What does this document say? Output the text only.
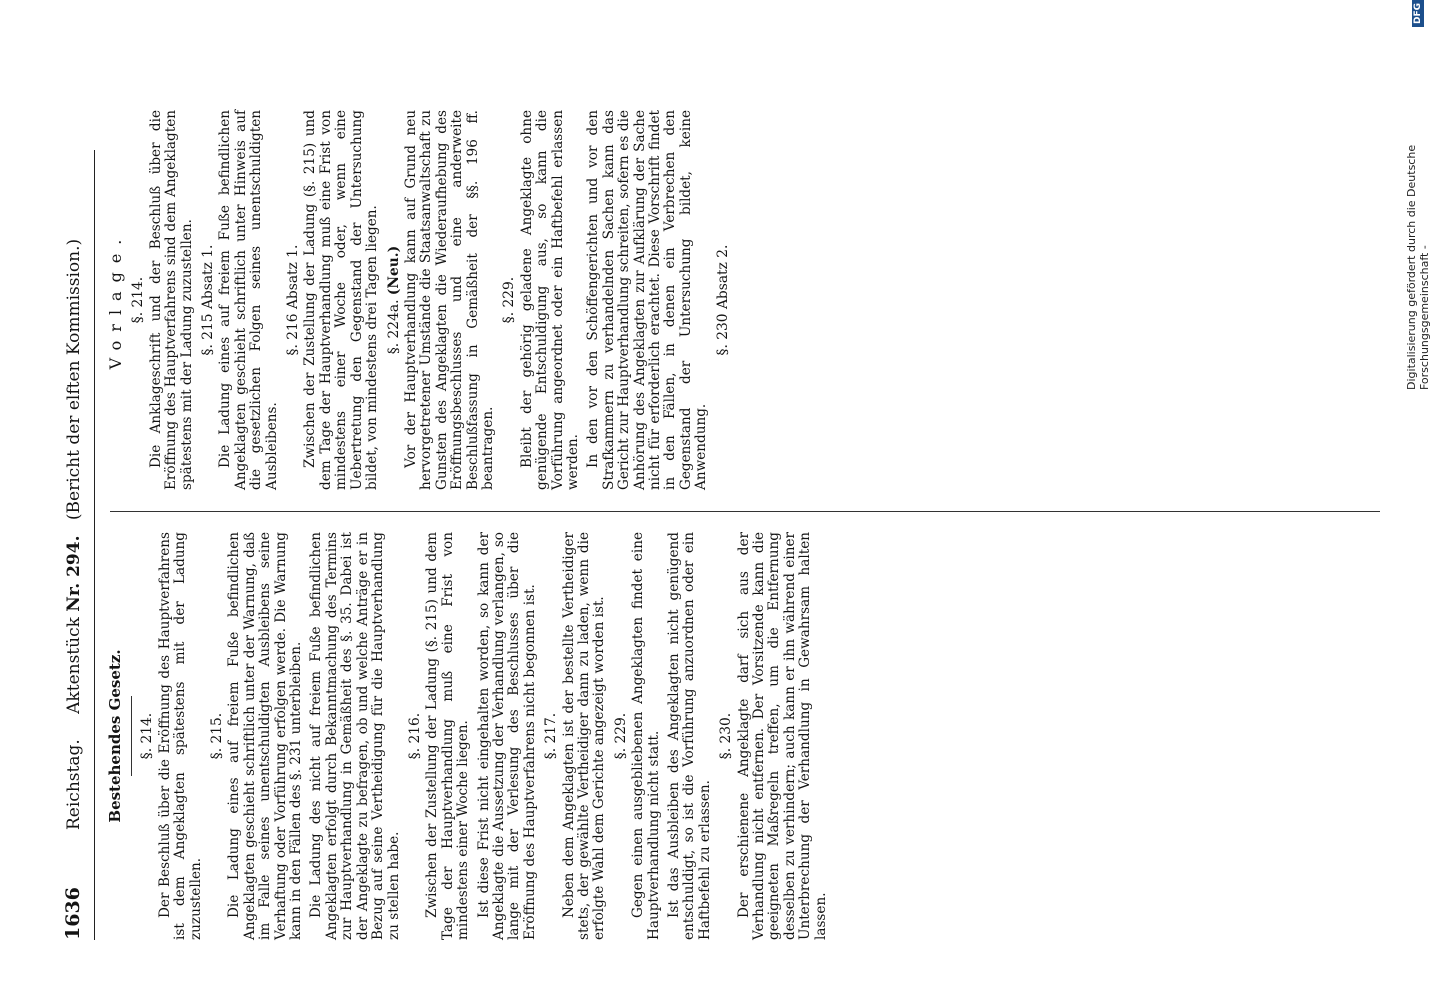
1636
Reichstag. Aktenstück Nr. 294. (Bericht der elften Kommission.)
Bestehendes Gesetz. §. 214. Der Beschluß über die Eröffnung des Hauptverfahrens ist dem Angeklagten spätestens mit der Ladung zuzustellen.
§. 215. Die Ladung eines auf freiem Fuße befindlichen Angeklagten geschieht schriftlich unter der Warnung, daß im Falle seines unentschuldigten Ausbleibens seine Verhaftung oder Vorführung erfolgen werde. Die Warnung kann in den Fällen des §. 231 unterbleiben. Die Ladung des nicht auf freiem Fuße befindlichen Angeklagten erfolgt durch Bekanntmachung des Termins zur Hauptverhandlung in Gemäßheit des §. 35. Dabei ist der Angeklagte zu befragen, ob und welche Anträge er in Bezug auf seine Vertheidigung für die Hauptverhandlung zu stellen habe.
§. 216. Zwischen der Zustellung der Ladung (§. 215) und dem Tage der Hauptverhandlung muß eine Frist von mindestens einer Woche liegen. Ist diese Frist nicht eingehalten worden, so kann der Angeklagte die Aussetzung der Verhandlung verlangen, so lange mit der Verlesung des Beschlusses über die Eröffnung des Hauptverfahrens nicht begonnen ist. §. 217. Neben dem Angeklagten ist der bestellte Vertheidiger stets, der gewählte Vertheidiger dann zu laden, wenn die erfolgte Wahl dem Gerichte angezeigt worden ist. §. 229. Gegen einen ausgebliebenen Angeklagten findet eine Hauptverhandlung nicht statt. Ist das Ausbleiben des Angeklagten nicht genügend entschuldigt, so ist die Vorführung anzuordnen oder ein Haftbefehl zu erlassen.
§. 230. Der erschienene Angeklagte darf sich aus der Verhandlung nicht entfernen. Der Vorsitzende kann die geeigneten Maßregeln treffen, um die Entfernung desselben zu verhindern; auch kann er ihn während einer Unterbrechung der Verhandlung in Gewahrsam halten lassen.
Vorlage. §. 214. Die Anklageschrift und der Beschluß über die Eröffnung des Hauptverfahrens sind dem Angeklagten spätestens mit der Ladung zuzustellen. §. 215 Absatz 1. Die Ladung eines auf freiem Fuße befindlichen Angeklagten geschieht schriftlich unter Hinweis auf die gesetzlichen Folgen seines unentschuldigten Ausbleibens.
§. 216 Absatz 1. Zwischen der Zustellung der Ladung (§. 215) und dem Tage der Hauptverhandlung muß eine Frist von mindestens einer Woche oder, wenn eine Uebertretung den Gegenstand der Untersuchung bildet, von mindestens drei Tagen liegen. §. 224a. (Neu.) Vor der Hauptverhandlung kann auf Grund neu hervorgetretener Umstände die Staatsanwaltschaft zu Gunsten des Angeklagten die Wiederaufhebung des Eröffnungsbeschlusses und eine anderweite Beschlußfassung in Gemäßheit der §§. 196 ff. beantragen.
§. 229. Bleibt der gehörig geladene Angeklagte ohne genügende Entschuldigung aus, so kann die Vorführung angeordnet oder ein Haftbefehl erlassen werden. In den vor den Schöffengerichten und vor den Strafkammern zu verhandelnden Sachen kann das Gericht zur Hauptverhandlung schreiten, sofern es die Anhörung des Angeklagten zur Aufklärung der Sache nicht für erforderlich erachtet. Diese Vorschrift findet in den Fällen, in denen ein Verbrechen den Gegenstand der Untersuchung bildet, keine Anwendung.
§. 230 Absatz 2.	Digitalisierung gefördert durch die Deutsche Forschungsgemeinschaft -
DFG
